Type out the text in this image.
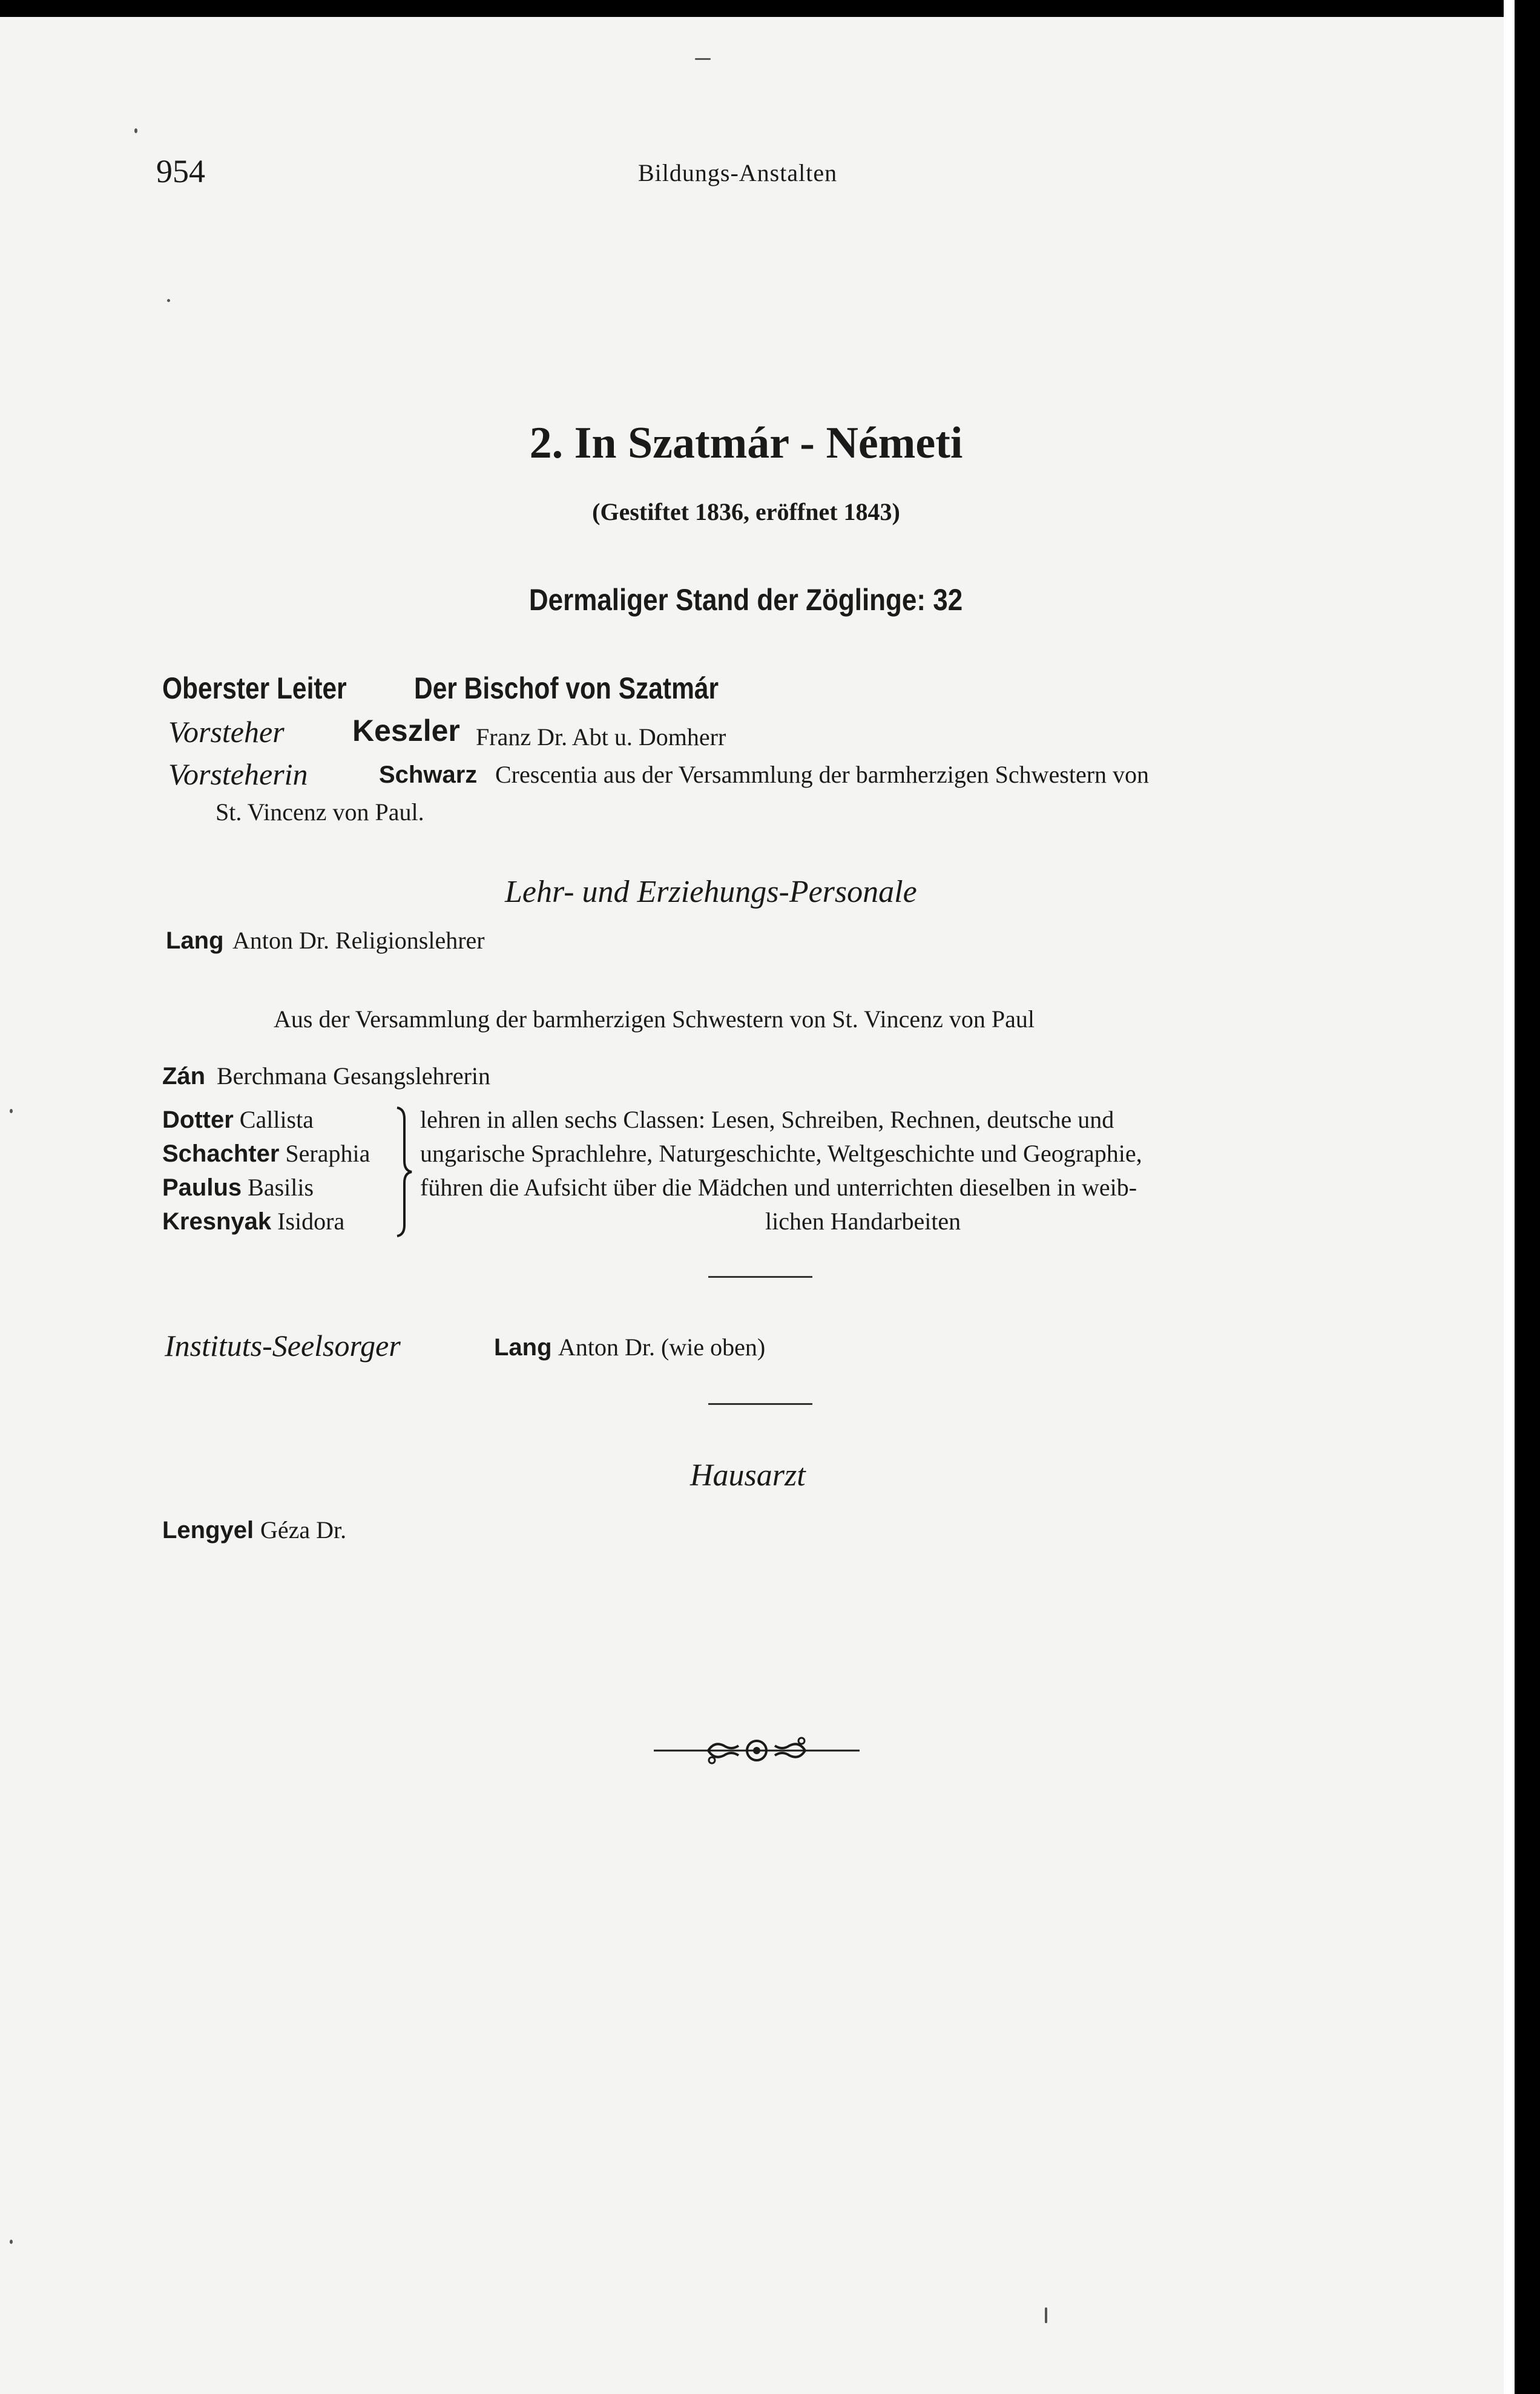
954	Bildungs-Anstalten
2. In Szatmár - Németi
(Gestiftet 1836, eröffnet 1843)
Dermaliger Stand der Zöglinge: 32
Oberster Leiter	Der Bischof von Szatmár
Vorsteher Keszler Franz Dr. Abt u. Domherr
Vorsteherin	Schwarz Crescentia aus der Versammlung der barmherzigen Schwestern von
St. Vincenz von Paul.
Lehr- und Erziehungs-Personale
Lang Anton Dr. Religionslehrer
Aus der Versammlung der barmherzigen Schwestern von St. Vincenz von Paul
Zán Berchmana Gesangslehrerin
Dotter Callista
Schachter Seraphia
Paulus Basilis
Kresnyak Isidora
lehren in allen sechs Classen: Lesen, Schreiben, Rechnen, deutsche und
ungarische Sprachlehre, Naturgeschichte, Weltgeschichte und Geographie,
führen die Aufsicht über die Mädchen und unterrichten dieselben in weib-
lichen Handarbeiten
Instituts-Seelsorger	Lang Anton Dr. (wie oben)
Hausarzt
Lengyel Géza Dr.
